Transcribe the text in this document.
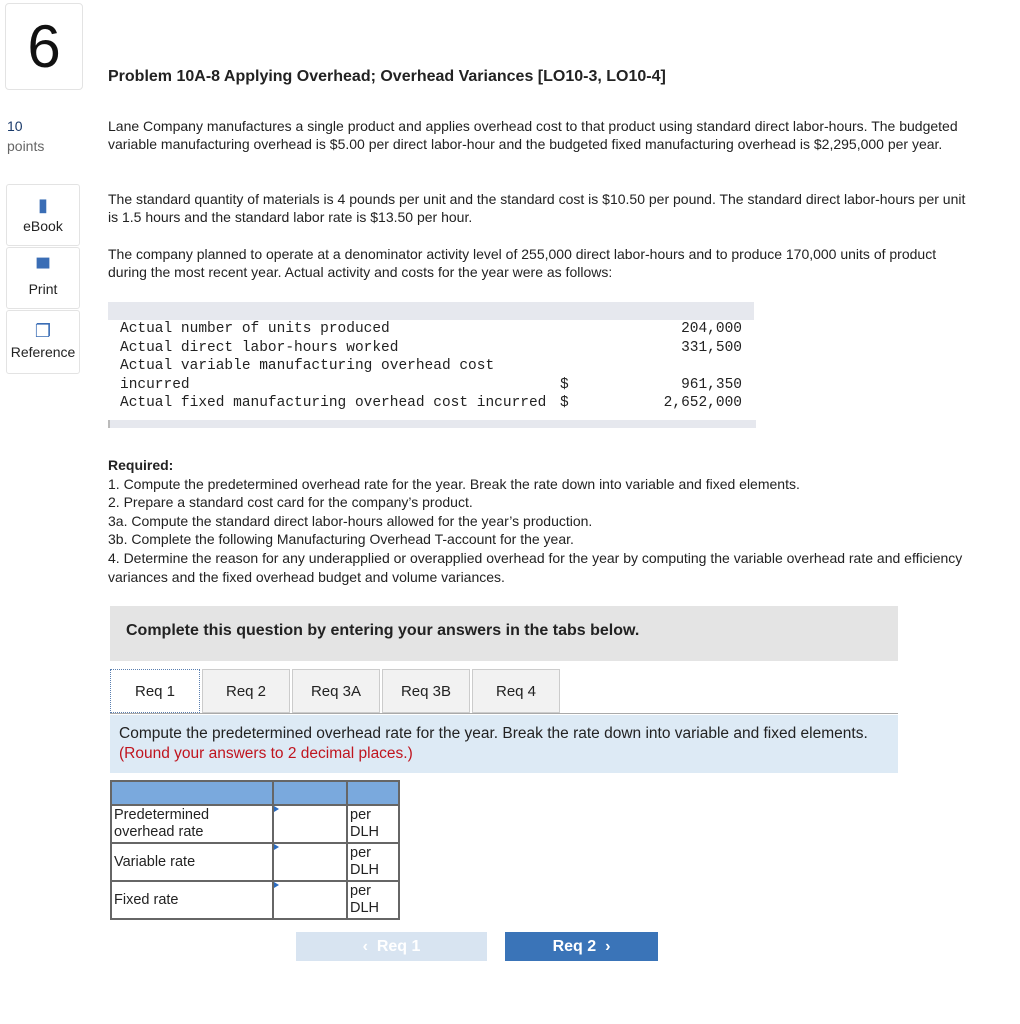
6
10
points
▮
eBook
▀
Print
❐
Reference
Problem 10A-8 Applying Overhead; Overhead Variances [LO10-3, LO10-4]
Lane Company manufactures a single product and applies overhead cost to that product using standard direct labor-hours. The budgeted variable manufacturing overhead is $5.00 per direct labor-hour and the budgeted fixed manufacturing overhead is $2,295,000 per year.
The standard quantity of materials is 4 pounds per unit and the standard cost is $10.50 per pound. The standard direct labor-hours per unit is 1.5 hours and the standard labor rate is $13.50 per hour.
The company planned to operate at a denominator activity level of 255,000 direct labor-hours and to produce 170,000 units of product during the most recent year. Actual activity and costs for the year were as follows:
Actual number of units produced		204,000
Actual direct labor-hours worked		331,500
Actual variable manufacturing overhead cost incurred	$	961,350
Actual fixed manufacturing overhead cost incurred	$	2,652,000
Required:
1. Compute the predetermined overhead rate for the year. Break the rate down into variable and fixed elements.
2. Prepare a standard cost card for the company’s product.
3a. Compute the standard direct labor-hours allowed for the year’s production.
3b. Complete the following Manufacturing Overhead T-account for the year.
4. Determine the reason for any underapplied or overapplied overhead for the year by computing the variable overhead rate and efficiency variances and the fixed overhead budget and volume variances.
Complete this question by entering your answers in the tabs below.
Req 1	Req 2	Req 3A	Req 3B	Req 4
Compute the predetermined overhead rate for the year. Break the rate down into variable and fixed elements. (Round your answers to 2 decimal places.)

Predetermined overhead rate		per DLH
Variable rate		per DLH
Fixed rate		per DLH
‹ Req 1	Req 2 ›
